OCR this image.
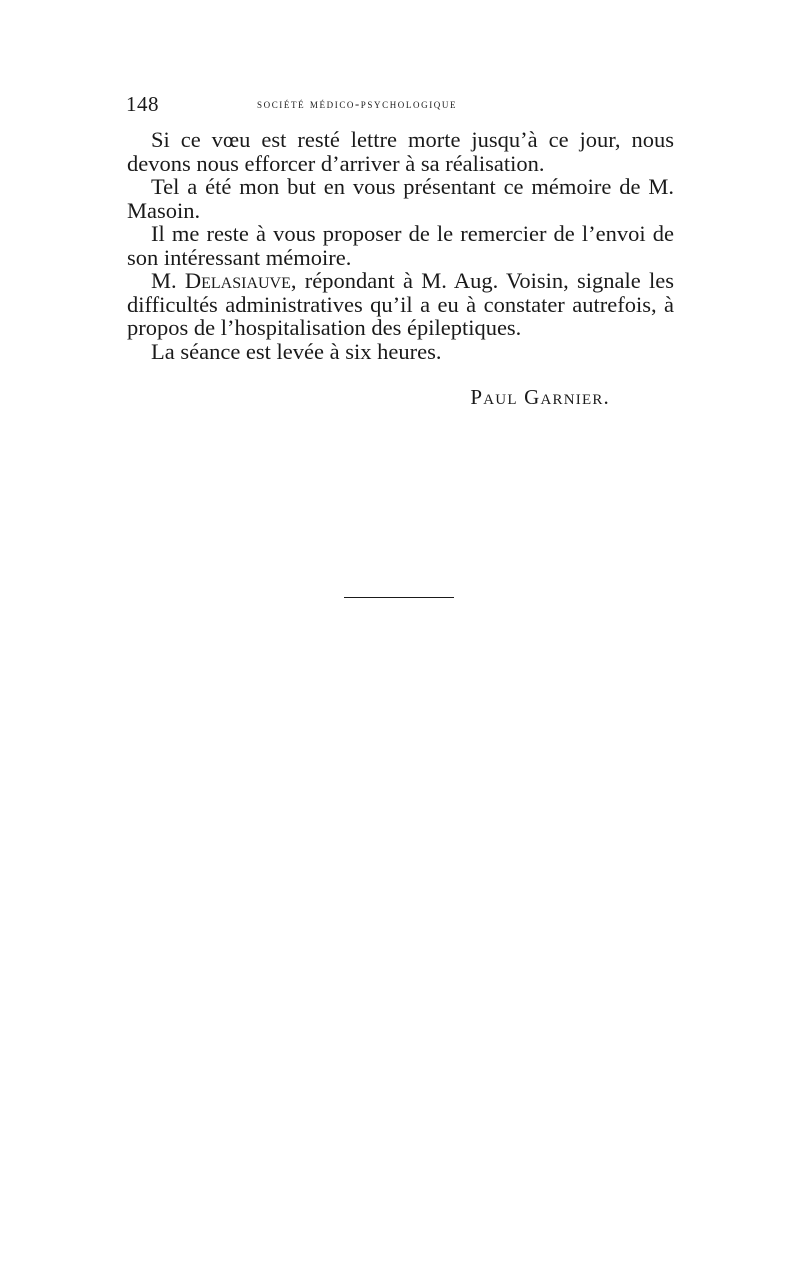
148	société médico-psychologique

Si ce vœu est resté lettre morte jusqu’à ce jour, nous devons nous efforcer d’arriver à sa réalisation.

Tel a été mon but en vous présentant ce mémoire de M. Masoin.

Il me reste à vous proposer de le remercier de l’envoi de son intéressant mémoire.

M. Delasiauve, répondant à M. Aug. Voisin, signale les difficultés administratives qu’il a eu à constater autrefois, à propos de l’hospitalisation des épileptiques.

La séance est levée à six heures.

Paul Garnier.
